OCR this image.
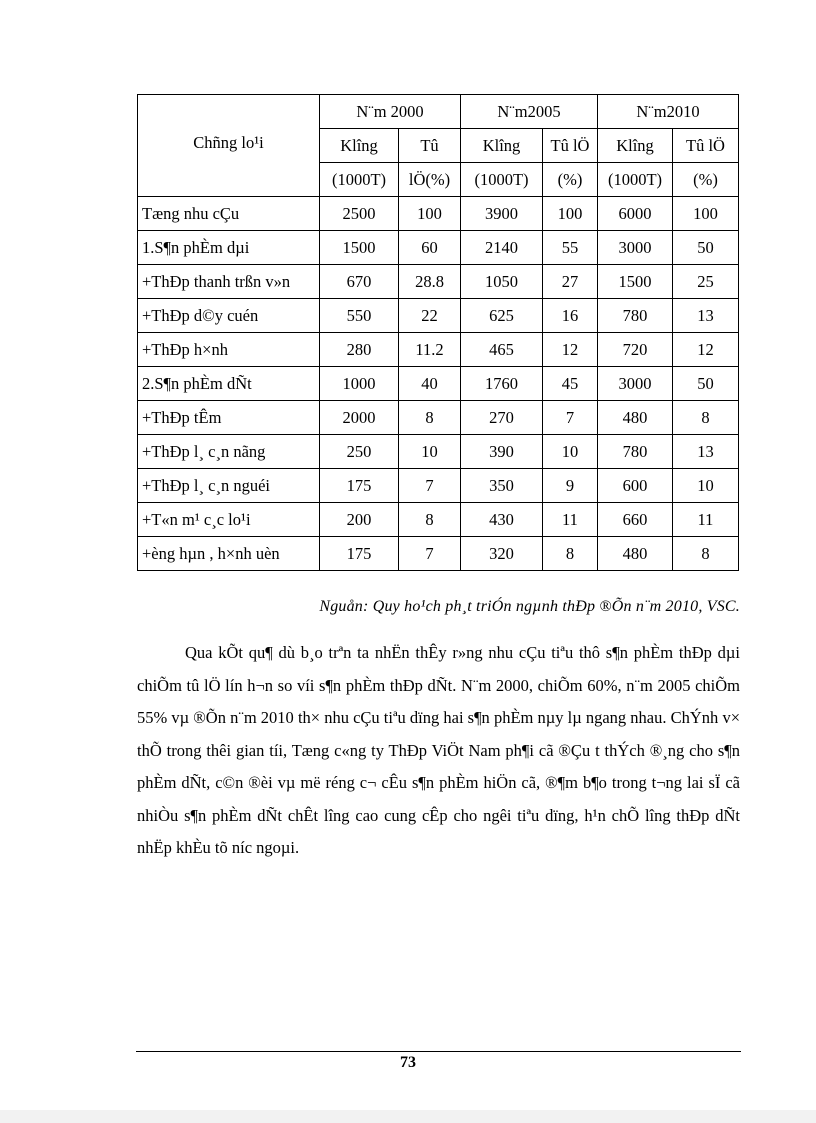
Chñng lo¹i	N¨m 2000		N¨m2005		N¨m2010	
	Klîng	Tû	Klîng	Tû lÖ	Klîng	Tû lÖ
	(1000T)	lÖ(%)	(1000T)	(%)	(1000T)	(%)
Tæng nhu cÇu	2500	100	3900	100	6000	100
1.S¶n phÈm dµi	1500	60	2140	55	3000	50
+ThÐp thanh trßn v»n	670	28.8	1050	27	1500	25
+ThÐp d©y cuén	550	22	625	16	780	13
+ThÐp h×nh	280	11.2	465	12	720	12
2.S¶n phÈm dÑt	1000	40	1760	45	3000	50
+ThÐp tÊm	2000	8	270	7	480	8
+ThÐp l¸ c¸n nãng	250	10	390	10	780	13
+ThÐp l¸ c¸n nguéi	175	7	350	9	600	10
+T«n m¹ c¸c lo¹i	200	8	430	11	660	11
+èng hµn , h×nh uèn	175	7	320	8	480	8
Nguån: Quy ho¹ch ph¸t triÓn ngµnh thÐp ®Õn n¨m 2010, VSC.

Qua kÕt qu¶ dù b¸o trªn ta nhËn thÊy r»ng nhu cÇu tiªu thô s¶n phÈm thÐp dµi chiÕm tû lÖ lín h¬n so víi s¶n phÈm thÐp dÑt. N¨m 2000, chiÕm 60%, n¨m 2005 chiÕm 55% vµ ®Õn n¨m 2010 th× nhu cÇu tiªu dïng hai s¶n phÈm nµy lµ ngang nhau. ChÝnh v× thÕ trong thêi gian tíi, Tæng c«ng ty ThÐp ViÖt Nam ph¶i cã ®Çu t thÝch ®¸ng cho s¶n phÈm dÑt, c©n ®èi vµ më réng c¬ cÊu s¶n phÈm hiÖn cã, ®¶m b¶o trong t¬ng lai sÏ cã nhiÒu s¶n phÈm dÑt chÊt lîng cao cung cÊp cho ngêi tiªu dïng, h¹n chÕ lîng thÐp dÑt nhËp khÈu tõ níc ngoµi.

73
